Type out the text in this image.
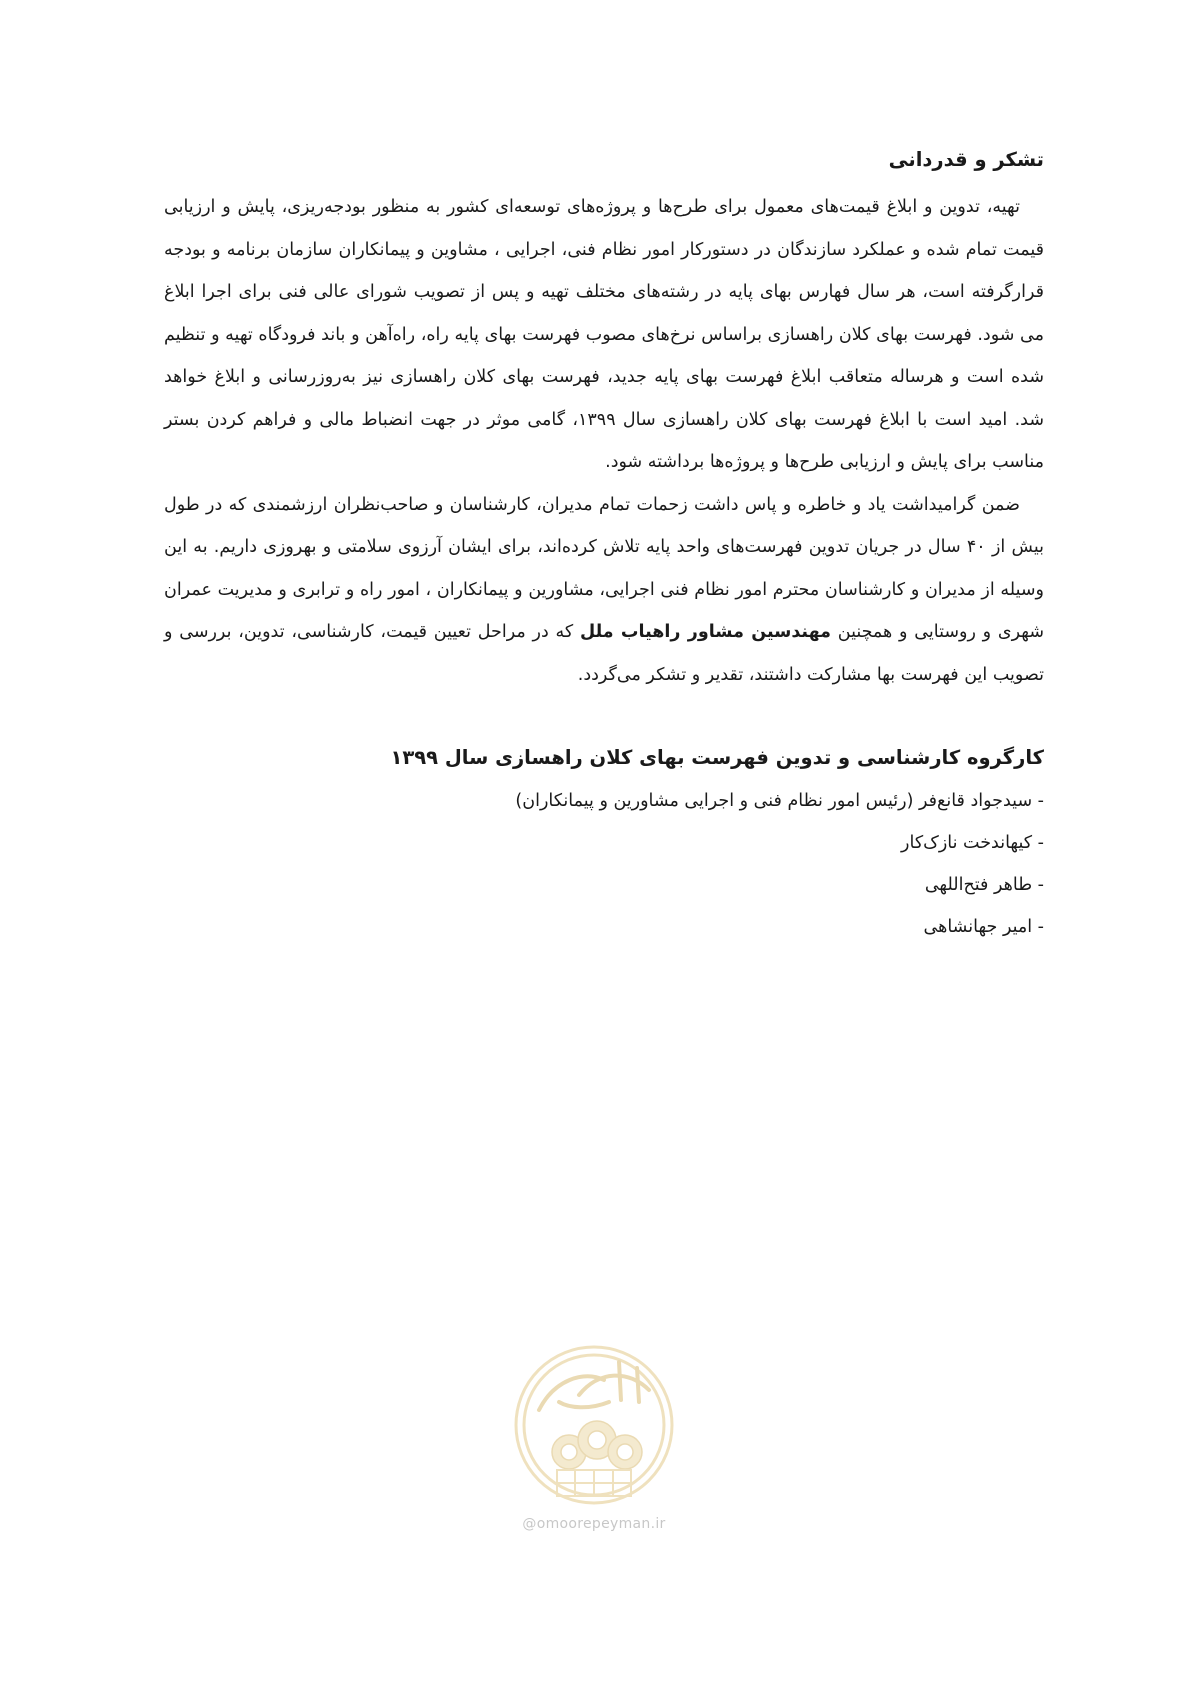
تشکر و قدردانی

تهیه، تدوین و ابلاغ قیمت‌های معمول برای طرح‌ها و پروژه‌های توسعه‌ای کشور به منظور بودجه‌ریزی، پایش و ارزیابی قیمت تمام شده و عملکرد سازندگان در دستورکار امور نظام فنی، اجرایی ، مشاوین و پیمانکاران سازمان برنامه و بودجه قرارگرفته است، هر سال فهارس بهای پایه در رشته‌های مختلف تهیه و پس از تصویب شورای عالی فنی برای اجرا ابلاغ می شود. فهرست بهای کلان راهسازی براساس نرخ‌های مصوب فهرست بهای پایه راه، راه‌آهن و باند فرودگاه تهیه و تنظیم شده است و هرساله متعاقب ابلاغ فهرست بهای پایه جدید، فهرست بهای کلان راهسازی نیز به‌روزرسانی و ابلاغ خواهد شد. امید است با ابلاغ فهرست بهای کلان راهسازی سال ۱۳۹۹، گامی موثر در جهت انضباط مالی و فراهم کردن بستر مناسب برای پایش و ارزیابی طرح‌ها و پروژه‌ها برداشته شود.

ضمن گرامیداشت یاد و خاطره و پاس داشت زحمات تمام مدیران، کارشناسان و صاحب‌نظران ارزشمندی که در طول بیش از ۴۰ سال در جریان تدوین فهرست‌های واحد پایه تلاش کرده‌اند، برای ایشان آرزوی سلامتی و بهروزی داریم. به این وسیله از مدیران و کارشناسان محترم امور نظام فنی اجرایی، مشاورین و پیمانکاران ، امور راه و ترابری و مدیریت عمران شهری و روستایی و همچنین مهندسین مشاور راهیاب ملل که در مراحل تعیین قیمت، کارشناسی، تدوین، بررسی و تصویب این فهرست بها مشارکت داشتند، تقدیر و تشکر می‌گردد.

کارگروه کارشناسی و تدوین فهرست بهای کلان راهسازی سال ۱۳۹۹
- سیدجواد قانع‌فر (رئیس امور نظام فنی و اجرایی مشاورین و پیمانکاران)
- کیهاندخت نازک‌کار
- طاهر فتح‌اللهی
- امیر جهانشاهی
@omoorepeyman.ir
